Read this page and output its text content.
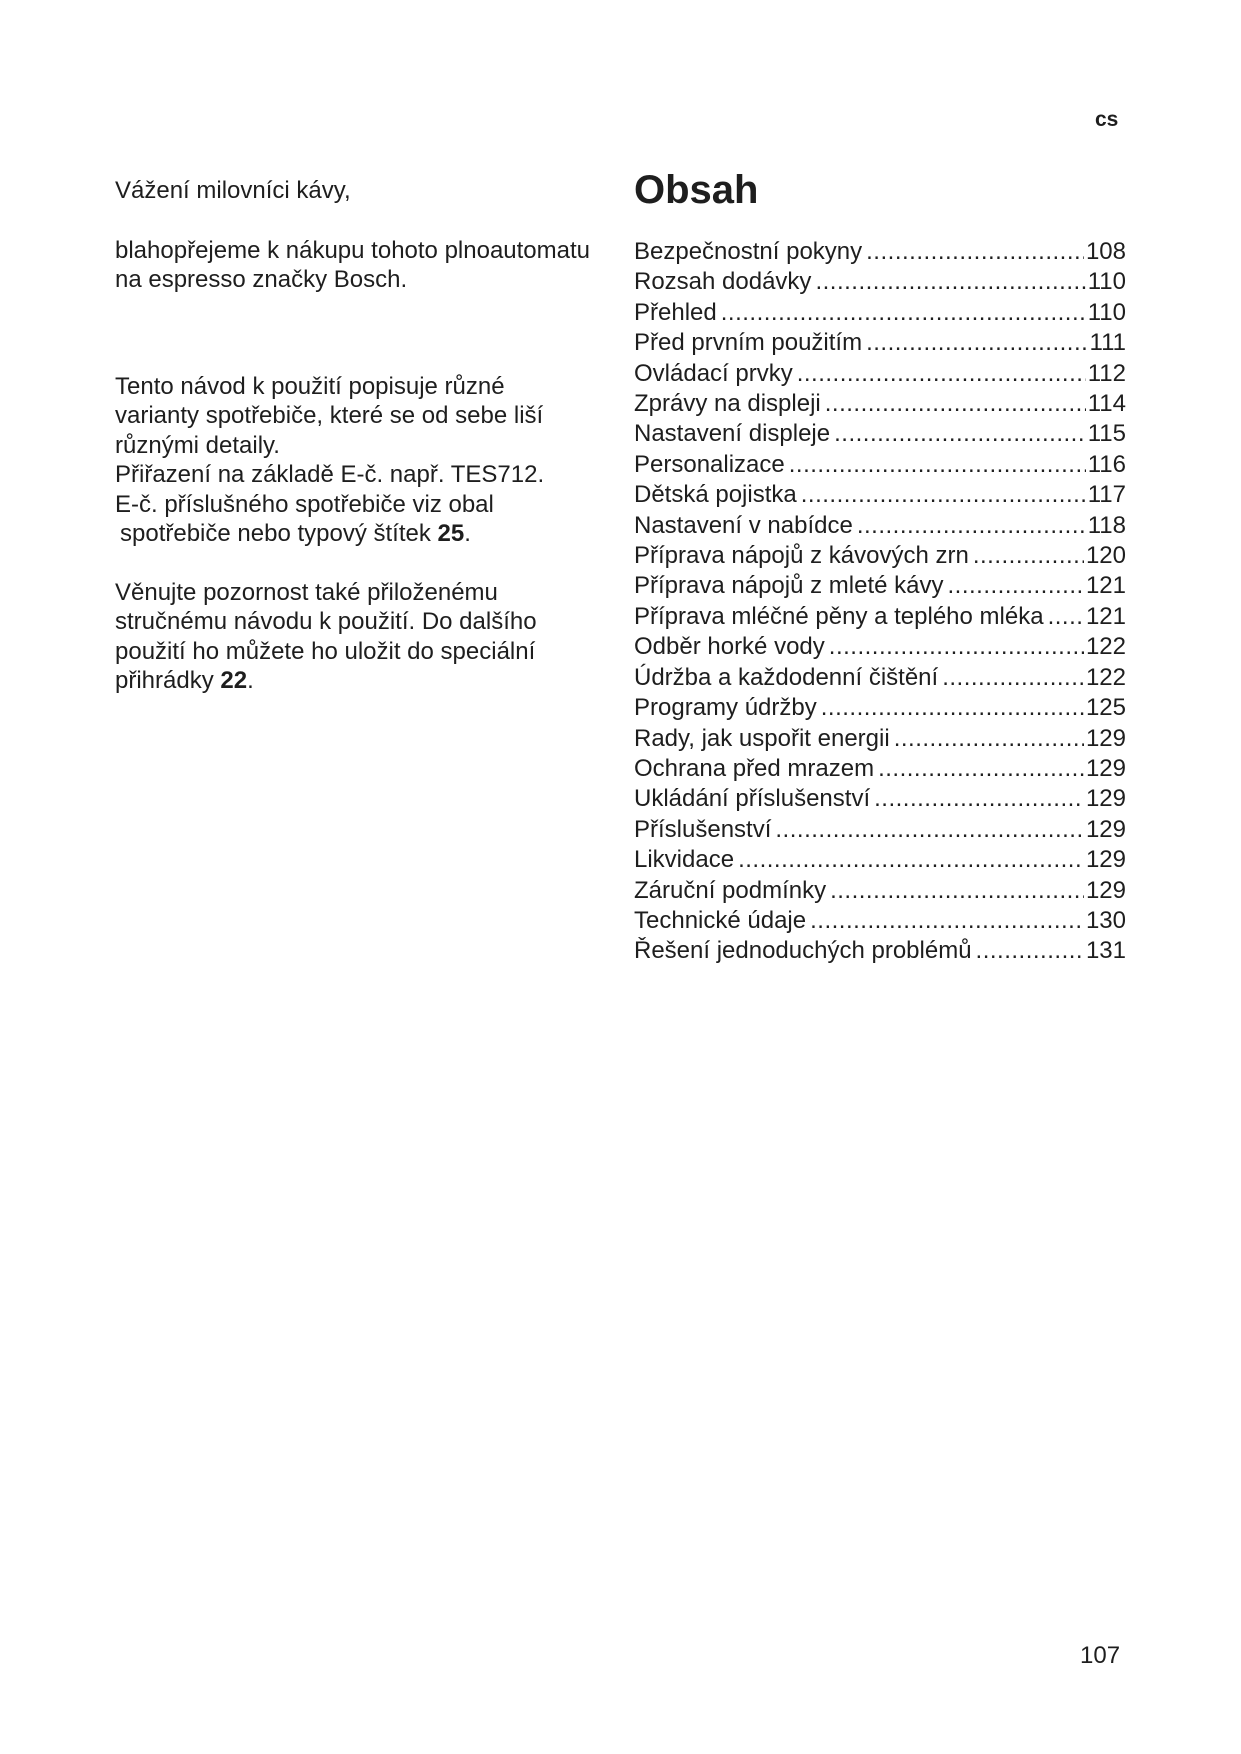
cs

Vážení milovníci kávy,

blahopřejeme k nákupu tohoto plnoautomatu

na espresso značky Bosch.

Tento návod k použití popisuje různé

varianty spotřebiče, které se od sebe liší

různými detaily.

Přiřazení na základě E-č. např. TES712.

E-č. příslušného spotřebiče viz obal

spotřebiče nebo typový štítek 25.

Věnujte pozornost také přiloženému

stručnému návodu k použití. Do dalšího

použití ho můžete ho uložit do speciální

přihrádky 22.

Obsah
Bezpečnostní pokyny .....	108
Rozsah dodávky .....	110
Přehled .....	110
Před prvním použitím .....	111
Ovládací prvky .....	112
Zprávy na displeji .....	114
Nastavení displeje .....	115
Personalizace .....	116
Dětská pojistka .....	117
Nastavení v nabídce .....	118
Příprava nápojů z kávových zrn .....	120
Příprava nápojů z mleté kávy .....	121
Příprava mléčné pěny a teplého mléka ..... 121
Odběr horké vody .....	122
Údržba a každodenní čištění .....	122
Programy údržby .....	125
Rady, jak uspořit energii .....	129
Ochrana před mrazem .....	129
Ukládání příslušenství .....	129
Příslušenství .....	129
Likvidace .....	129
Záruční podmínky .....	129
Technické údaje .....	130
Řešení jednoduchých problémů .....	131
107
